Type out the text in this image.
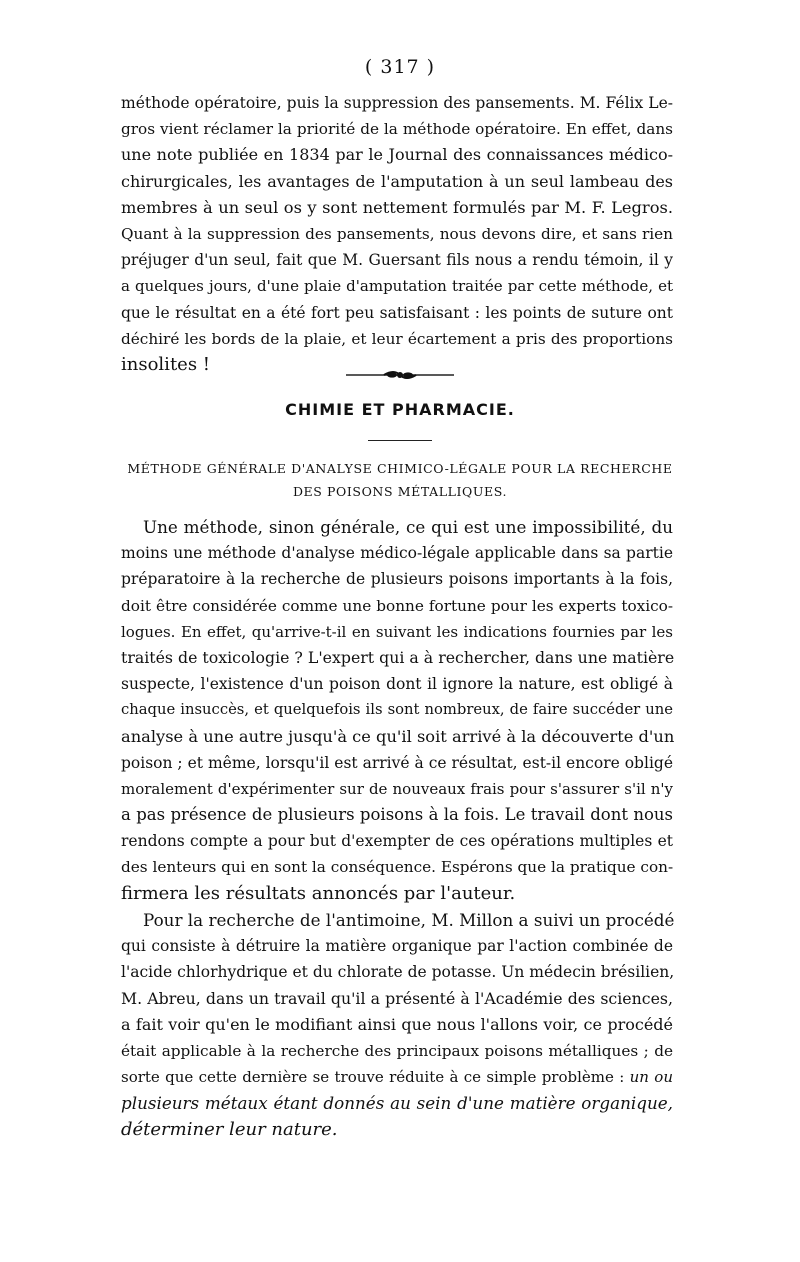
( 317 )
méthode opératoire, puis la suppression des pansements. M. Félix Le-
gros vient réclamer la priorité de la méthode opératoire. En effet, dans
une note publiée en 1834 par le Journal des connaissances médico-
chirurgicales, les avantages de l'amputation à un seul lambeau des
membres à un seul os y sont nettement formulés par M. F. Legros.
Quant à la suppression des pansements, nous devons dire, et sans rien
préjuger d'un seul, fait que M. Guersant fils nous a rendu témoin, il y
a quelques jours, d'une plaie d'amputation traitée par cette méthode, et
que le résultat en a été fort peu satisfaisant : les points de suture ont
déchiré les bords de la plaie, et leur écartement a pris des proportions
insolites !
CHIMIE ET PHARMACIE.
MÉTHODE GÉNÉRALE D'ANALYSE CHIMICO-LÉGALE POUR LA RECHERCHE
DES POISONS MÉTALLIQUES.
Une méthode, sinon générale, ce qui est une impossibilité, du
moins une méthode d'analyse médico-légale applicable dans sa partie
préparatoire à la recherche de plusieurs poisons importants à la fois,
doit être considérée comme une bonne fortune pour les experts toxico-
logues. En effet, qu'arrive-t-il en suivant les indications fournies par les
traités de toxicologie ? L'expert qui a à rechercher, dans une matière
suspecte, l'existence d'un poison dont il ignore la nature, est obligé à
chaque insuccès, et quelquefois ils sont nombreux, de faire succéder une
analyse à une autre jusqu'à ce qu'il soit arrivé à la découverte d'un
poison ; et même, lorsqu'il est arrivé à ce résultat, est-il encore obligé
moralement d'expérimenter sur de nouveaux frais pour s'assurer s'il n'y
a pas présence de plusieurs poisons à la fois. Le travail dont nous
rendons compte a pour but d'exempter de ces opérations multiples et
des lenteurs qui en sont la conséquence. Espérons que la pratique con-
firmera les résultats annoncés par l'auteur.
Pour la recherche de l'antimoine, M. Millon a suivi un procédé
qui consiste à détruire la matière organique par l'action combinée de
l'acide chlorhydrique et du chlorate de potasse. Un médecin brésilien,
M. Abreu, dans un travail qu'il a présenté à l'Académie des sciences,
a fait voir qu'en le modifiant ainsi que nous l'allons voir, ce procédé
était applicable à la recherche des principaux poisons métalliques ; de
sorte que cette dernière se trouve réduite à ce simple problème : un ou
plusieurs métaux étant donnés au sein d'une matière organique,
déterminer leur nature.
